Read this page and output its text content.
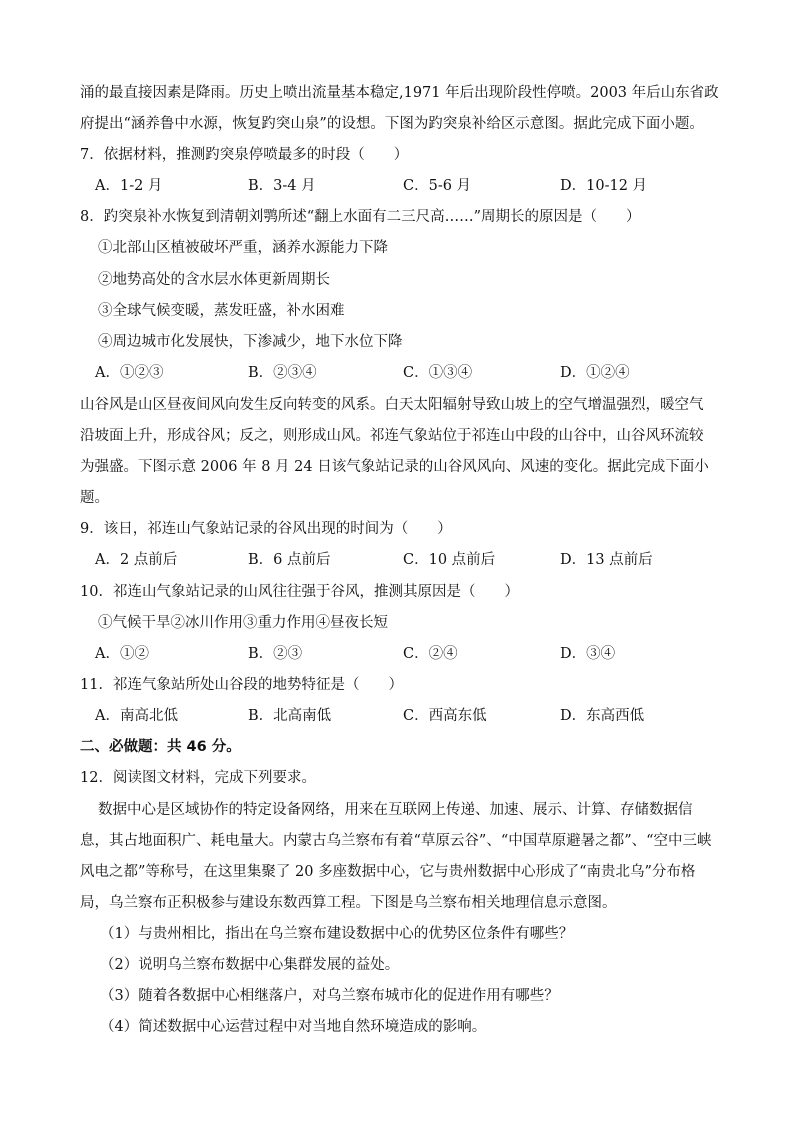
涌的最直接因素是降雨。历史上喷出流量基本稳定,1971 年后出现阶段性停喷。2003 年后山东省政
府提出“涵养鲁中水源，恢复趵突山泉”的设想。下图为趵突泉补给区示意图。据此完成下面小题。
7．依据材料，推测趵突泉停喷最多的时段（　　）
A．1-2 月	B．3-4 月	C．5-6 月	D．10-12 月
8．趵突泉补水恢复到清朝刘鹗所述“翻上水面有二三尺高……”周期长的原因是（　　）
①北部山区植被破坏严重，涵养水源能力下降
②地势高处的含水层水体更新周期长
③全球气候变暖，蒸发旺盛，补水困难
④周边城市化发展快，下渗减少，地下水位下降
A．①②③	B．②③④	C．①③④	D．①②④
山谷风是山区昼夜间风向发生反向转变的风系。白天太阳辐射导致山坡上的空气增温强烈，暖空气
沿坡面上升，形成谷风；反之，则形成山风。祁连气象站位于祁连山中段的山谷中，山谷风环流较
为强盛。下图示意 2006 年 8 月 24 日该气象站记录的山谷风风向、风速的变化。据此完成下面小
题。
9．该日，祁连山气象站记录的谷风出现的时间为（　　）
A．2 点前后	B．6 点前后	C．10 点前后	D．13 点前后
10．祁连山气象站记录的山风往往强于谷风，推测其原因是（　　）
①气候干旱②冰川作用③重力作用④昼夜长短
A．①②	B．②③	C．②④	D．③④
11．祁连气象站所处山谷段的地势特征是（　　）
A．南高北低	B．北高南低	C．西高东低	D．东高西低
二、必做题：共 46 分。
12．阅读图文材料，完成下列要求。
数据中心是区域协作的特定设备网络，用来在互联网上传递、加速、展示、计算、存储数据信
息，其占地面积广、耗电量大。内蒙古乌兰察布有着“草原云谷”、“中国草原避暑之都”、“空中三峡
风电之都”等称号，在这里集聚了 20 多座数据中心，它与贵州数据中心形成了“南贵北乌”分布格
局，乌兰察布正积极参与建设东数西算工程。下图是乌兰察布相关地理信息示意图。
（1）与贵州相比，指出在乌兰察布建设数据中心的优势区位条件有哪些？
（2）说明乌兰察布数据中心集群发展的益处。
（3）随着各数据中心相继落户，对乌兰察布城市化的促进作用有哪些？
（4）简述数据中心运营过程中对当地自然环境造成的影响。
